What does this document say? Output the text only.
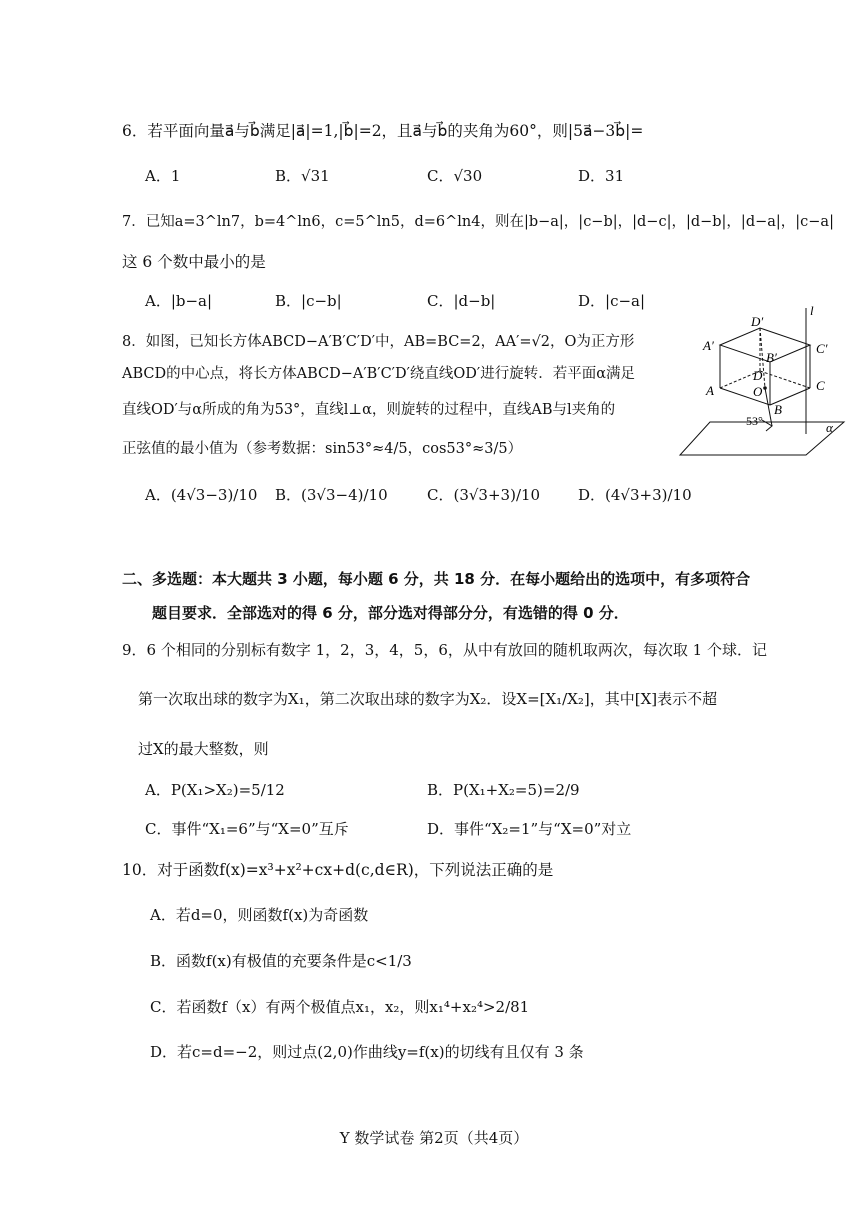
6．若平面向量a⃗与b⃗满足|a⃗|=1,|b⃗|=2，且a⃗与b⃗的夹角为60°，则|5a⃗−3b⃗|=
A．1	B．√31	C．√30	D．31
7．已知a=3^ln7，b=4^ln6，c=5^ln5，d=6^ln4，则在|b−a|，|c−b|，|d−c|，|d−b|，|d−a|，|c−a|
这 6 个数中最小的是
A．|b−a|	B．|c−b|	C．|d−b|	D．|c−a|
8．如图，已知长方体ABCD−A′B′C′D′中，AB=BC=2，AA′=√2，O为正方形
ABCD的中心点，将长方体ABCD−A′B′C′D′绕直线OD′进行旋转．若平面α满足
直线OD′与α所成的角为53°，直线l⊥α，则旋转的过程中，直线AB与l夹角的
正弦值的最小值为（参考数据：sin53°≈4/5，cos53°≈3/5）
A．(4√3−3)/10 B．(3√3−4)/10	C．(3√3+3)/10	D．(4√3+3)/10
D′
A′
B′
C′
D
A	O
B
C
l
α
53°
二、多选题：本大题共 3 小题，每小题 6 分，共 18 分．在每小题给出的选项中，有多项符合
题目要求．全部选对的得 6 分，部分选对得部分分，有选错的得 0 分．
9．6 个相同的分别标有数字 1，2，3，4，5，6，从中有放回的随机取两次，每次取 1 个球．记
第一次取出球的数字为X₁，第二次取出球的数字为X₂．设X=[X₁/X₂]，其中[X]表示不超
过X的最大整数，则
A．P(X₁>X₂)=5/12	B．P(X₁+X₂=5)=2/9
C．事件“X₁=6”与“X=0”互斥	D．事件“X₂=1”与“X=0”对立
10．对于函数f(x)=x³+x²+cx+d(c,d∈R)，下列说法正确的是
A．若d=0，则函数f(x)为奇函数
B．函数f(x)有极值的充要条件是c<1/3
C．若函数f（x）有两个极值点x₁，x₂，则x₁⁴+x₂⁴>2/81
D．若c=d=−2，则过点(2,0)作曲线y=f(x)的切线有且仅有 3 条
Y 数学试卷 第2页（共4页）
